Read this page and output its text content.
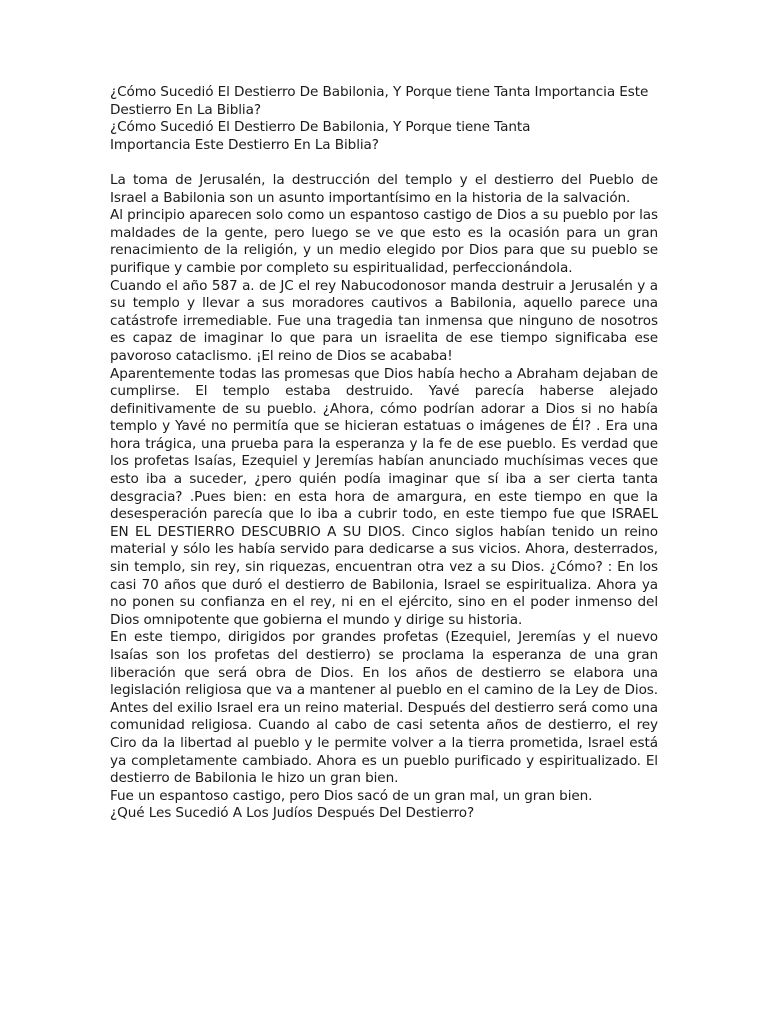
¿Cómo Sucedió El Destierro De Babilonia, Y Porque tiene Tanta Importancia Este Destierro En La Biblia?

¿Cómo Sucedió El Destierro De Babilonia, Y Porque tiene Tanta Importancia Este Destierro En La Biblia?

La toma de Jerusalén, la destrucción del templo y el destierro del Pueblo de Israel a Babilonia son un asunto importantísimo en la historia de la salvación.

Al principio aparecen solo como un espantoso castigo de Dios a su pueblo por las maldades de la gente, pero luego se ve que esto es la ocasión para un gran renacimiento de la religión, y un medio elegido por Dios para que su pueblo se purifique y cambie por completo su espiritualidad, perfeccionándola.

Cuando el año 587 a. de JC el rey Nabucodonosor manda destruir a Jerusalén y a su templo y llevar a sus moradores cautivos a Babilonia, aquello parece una catástrofe irremediable. Fue una tragedia tan inmensa que ninguno de nosotros es capaz de imaginar lo que para un israelita de ese tiempo significaba ese pavoroso cataclismo. ¡El reino de Dios se acababa!

Aparentemente todas las promesas que Dios había hecho a Abraham dejaban de cumplirse. El templo estaba destruido. Yavé parecía haberse alejado definitivamente de su pueblo. ¿Ahora, cómo podrían adorar a Dios si no había templo y Yavé no permitía que se hicieran estatuas o imágenes de Él? . Era una hora trágica, una prueba para la esperanza y la fe de ese pueblo. Es verdad que los profetas Isaías, Ezequiel y Jeremías habían anunciado muchísimas veces que esto iba a suceder, ¿pero quién podía imaginar que sí iba a ser cierta tanta desgracia? .Pues bien: en esta hora de amargura, en este tiempo en que la desesperación parecía que lo iba a cubrir todo, en este tiempo fue que ISRAEL EN EL DESTIERRO DESCUBRIO A SU DIOS. Cinco siglos habían tenido un reino material y sólo les había servido para dedicarse a sus vicios. Ahora, desterrados, sin templo, sin rey, sin riquezas, encuentran otra vez a su Dios. ¿Cómo? : En los casi 70 años que duró el destierro de Babilonia, Israel se espiritualiza. Ahora ya no ponen su confianza en el rey, ni en el ejército, sino en el poder inmenso del Dios omnipotente que gobierna el mundo y dirige su historia.

En este tiempo, dirigidos por grandes profetas (Ezequiel, Jeremías y el nuevo Isaías son los profetas del destierro) se proclama la esperanza de una gran liberación que será obra de Dios. En los años de destierro se elabora una legislación religiosa que va a mantener al pueblo en el camino de la Ley de Dios. Antes del exilio Israel era un reino material. Después del destierro será como una comunidad religiosa. Cuando al cabo de casi setenta años de destierro, el rey Ciro da la libertad al pueblo y le permite volver a la tierra prometida, Israel está ya completamente cambiado. Ahora es un pueblo purificado y espiritualizado. El destierro de Babilonia le hizo un gran bien.

Fue un espantoso castigo, pero Dios sacó de un gran mal, un gran bien.

¿Qué Les Sucedió A Los Judíos Después Del Destierro?
